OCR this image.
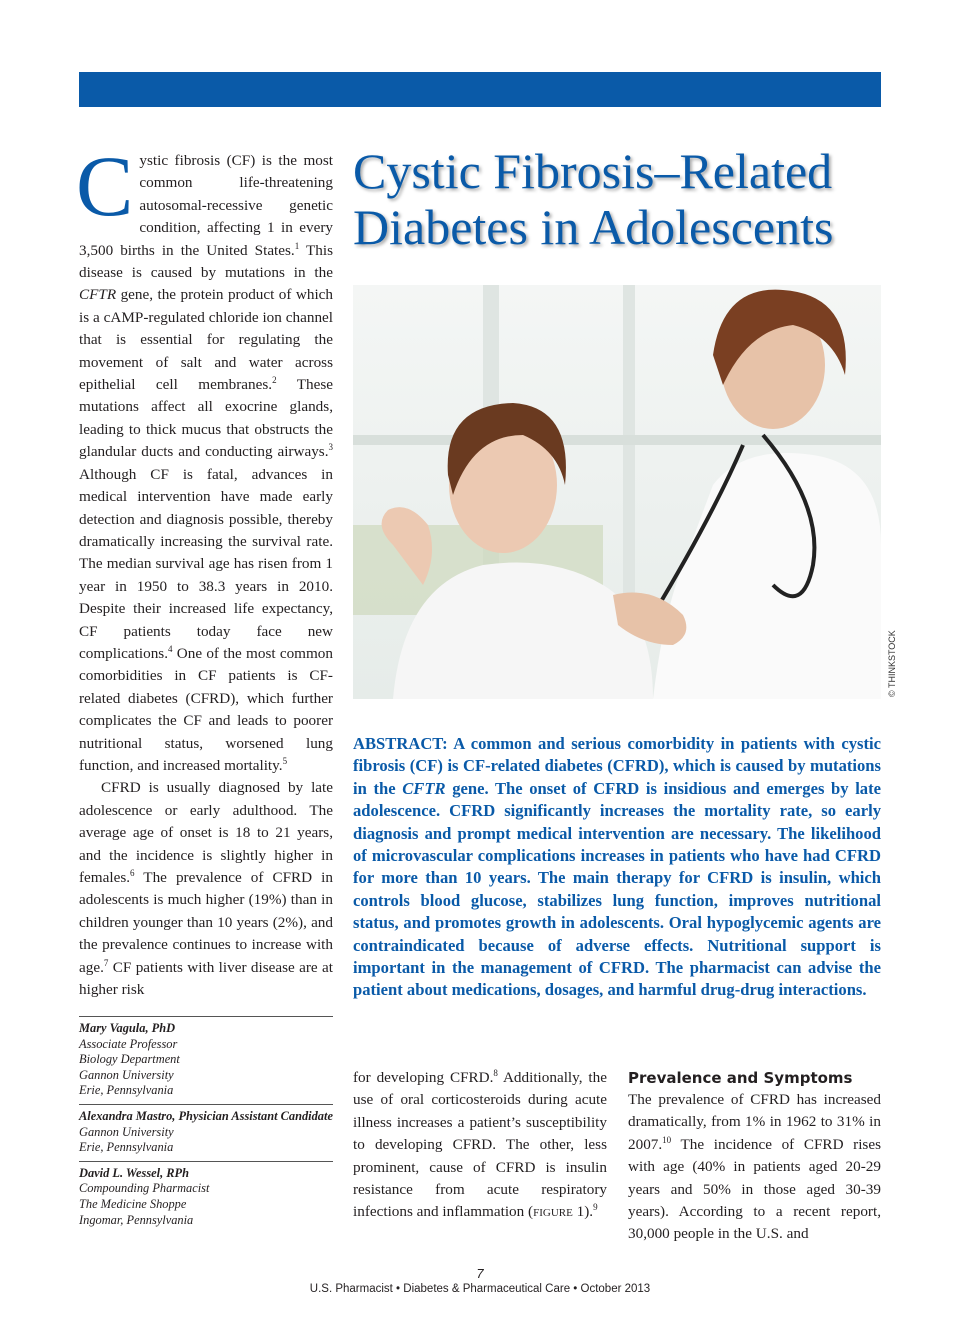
Cystic fibrosis (CF) is the most common life-threatening autosomal-recessive genetic condition, affecting 1 in every 3,500 births in the United States.$^1$ This disease is caused by mutations in the CFTR gene, the protein product of which is a cAMP-regulated chloride ion channel that is essential for regulating the movement of salt and water across epithelial cell membranes.$^2$ These mutations affect all exocrine glands, leading to thick mucus that obstructs the glandular ducts and conducting airways.$^3$ Although CF is fatal, advances in medical intervention have made early detection and diagnosis possible, thereby dramatically increasing the survival rate. The median survival age has risen from 1 year in 1950 to 38.3 years in 2010. Despite their increased life expectancy, CF patients today face new complications.$^4$ One of the most common comorbidities in CF patients is CF-related diabetes (CFRD), which further complicates the CF and leads to poorer nutritional status, worsened lung function, and increased mortality.$^5$

CFRD is usually diagnosed by late adolescence or early adulthood. The average age of onset is 18 to 21 years, and the incidence is slightly higher in females.$^6$ The prevalence of CFRD in adolescents is much higher (19%) than in children younger than 10 years (2%), and the prevalence continues to increase with age.$^7$ CF patients with liver disease are at higher risk

Mary Vagula, PhD
Associate Professor
Biology Department
Gannon University
Erie, Pennsylvania
Alexandra Mastro, Physician Assistant Candidate
Gannon University
Erie, Pennsylvania
David L. Wessel, RPh
Compounding Pharmacist
The Medicine Shoppe
Ingomar, Pennsylvania
Cystic Fibrosis–Related
Diabetes in Adolescents
© THINKSTOCK

ABSTRACT: A common and serious comorbidity in patients with cystic fibrosis (CF) is CF-related diabetes (CFRD), which is caused by mutations in the CFTR gene. The onset of CFRD is insidious and emerges by late adolescence. CFRD significantly increases the mortality rate, so early diagnosis and prompt medical intervention are necessary. The likelihood of microvascular complications increases in patients who have had CFRD for more than 10 years. The main therapy for CFRD is insulin, which controls blood glucose, stabilizes lung function, improves nutritional status, and promotes growth in adolescents. Oral hypoglycemic agents are contraindicated because of adverse effects. Nutritional support is important in the management of CFRD. The pharmacist can advise the patient about medications, dosages, and harmful drug-drug interactions.

for developing CFRD.$^8$ Additionally, the use of oral corticosteroids during acute illness increases a patient’s susceptibility to developing CFRD. The other, less prominent, cause of CFRD is insulin resistance from acute respiratory infections and inflammation (figure 1).$^9$

Prevalence and Symptoms

The prevalence of CFRD has increased dramatically, from 1% in 1962 to 31% in 2007.10 The incidence of CFRD rises with age (40% in patients aged 20-29 years and 50% in those aged 30-39 years). According to a recent report, 30,000 people in the U.S. and

7
U.S. Pharmacist • Diabetes & Pharmaceutical Care • October 2013
